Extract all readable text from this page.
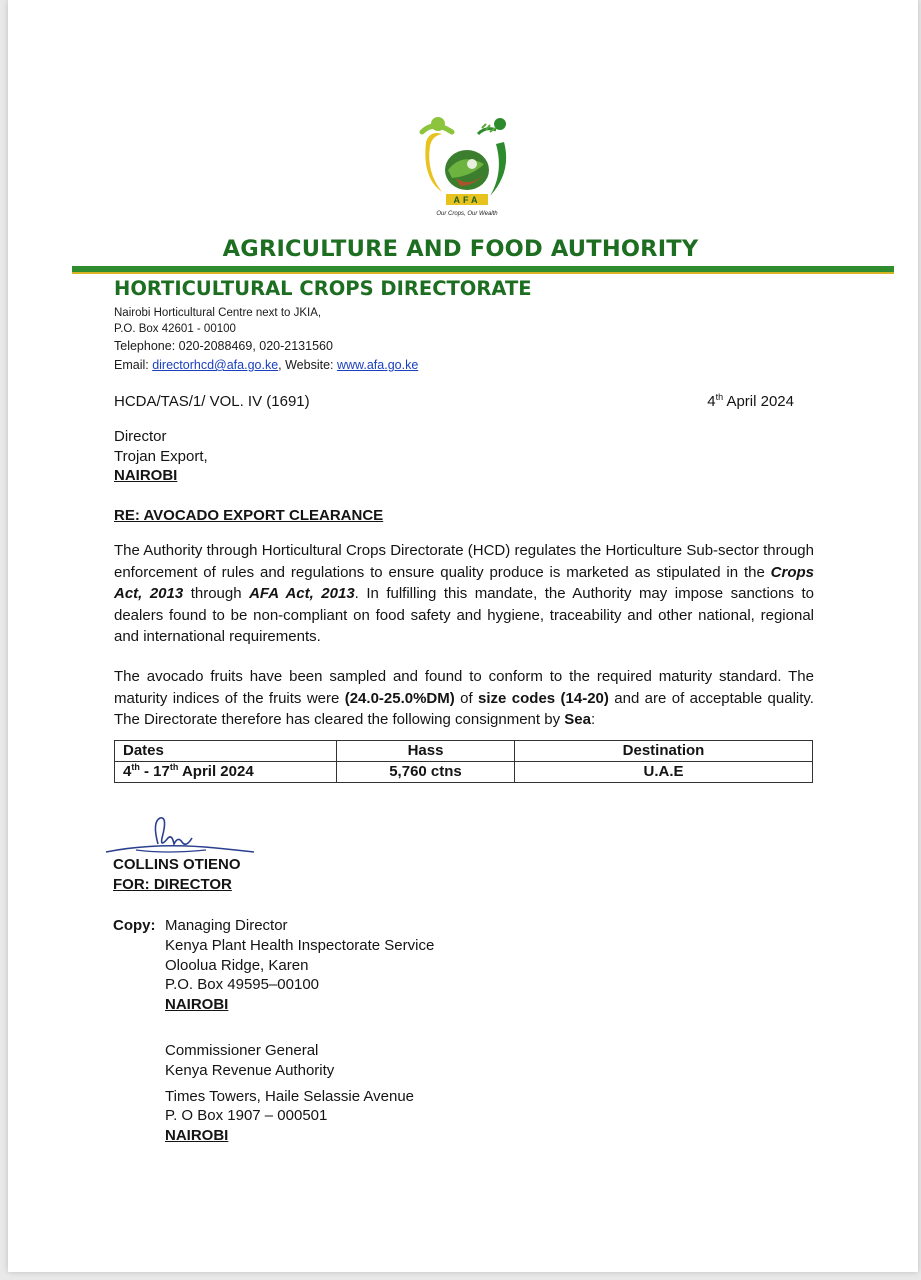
AFA
Our Crops, Our Wealth
AGRICULTURE AND FOOD AUTHORITY
HORTICULTURAL CROPS DIRECTORATE
Nairobi Horticultural Centre next to JKIA,
P.O. Box 42601 - 00100
Telephone: 020-2088469, 020-2131560
Email: directorhcd@afa.go.ke, Website: www.afa.go.ke
HCDA/TAS/1/ VOL. IV (1691)	4th April 2024
Director
Trojan Export,
NAIROBI
RE: AVOCADO EXPORT CLEARANCE
The Authority through Horticultural Crops Directorate (HCD) regulates the Horticulture Sub-sector through enforcement of rules and regulations to ensure quality produce is marketed as stipulated in the Crops Act, 2013 through AFA Act, 2013. In fulfilling this mandate, the Authority may impose sanctions to dealers found to be non-compliant on food safety and hygiene, traceability and other national, regional and international requirements.
The avocado fruits have been sampled and found to conform to the required maturity standard. The maturity indices of the fruits were (24.0-25.0%DM) of size codes (14-20) and are of acceptable quality. The Directorate therefore has cleared the following consignment by Sea:
Dates	Hass	Destination
4th - 17th April 2024	5,760 ctns	U.A.E
COLLINS OTIENO
FOR: DIRECTOR
Copy: Managing Director
Kenya Plant Health Inspectorate Service
Oloolua Ridge, Karen
P.O. Box 49595–00100
NAIROBI
Commissioner General
Kenya Revenue Authority
Times Towers, Haile Selassie Avenue
P. O Box 1907 – 000501
NAIROBI
